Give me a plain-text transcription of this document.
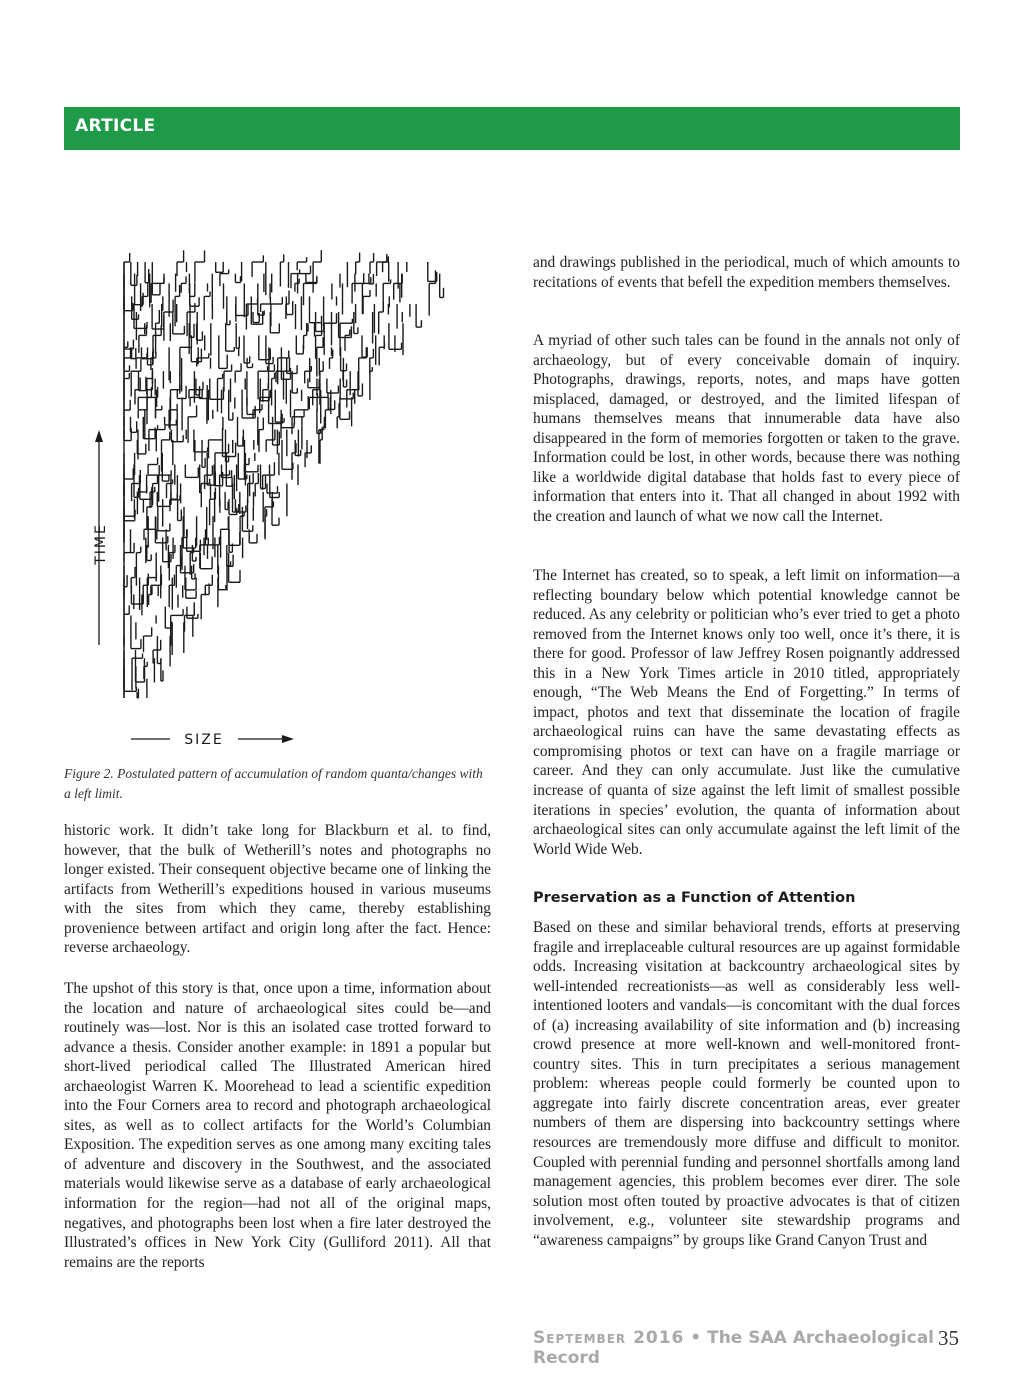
ARTICLE
TIME
SIZE
Figure 2. Postulated pattern of accumulation of random quanta/changes with a left limit.

historic work. It didn’t take long for Blackburn et al. to find, however, that the bulk of Wetherill’s notes and photographs no longer existed. Their consequent objective became one of linking the artifacts from Wetherill’s expeditions housed in various museums with the sites from which they came, thereby establishing provenience between artifact and origin long after the fact. Hence: reverse archaeology.

The upshot of this story is that, once upon a time, information about the location and nature of archaeological sites could be—and routinely was—lost. Nor is this an isolated case trotted forward to advance a thesis. Consider another example: in 1891 a popular but short-lived periodical called The Illustrated American hired archaeologist Warren K. Moorehead to lead a scientific expedition into the Four Corners area to record and photograph archaeological sites, as well as to collect artifacts for the World’s Columbian Exposition. The expedition serves as one among many exciting tales of adventure and discovery in the Southwest, and the associated materials would likewise serve as a database of early archaeological information for the region—had not all of the original maps, negatives, and photographs been lost when a fire later destroyed the Illustrated’s offices in New York City (Gulliford 2011). All that remains are the reports

and drawings published in the periodical, much of which amounts to recitations of events that befell the expedition members themselves.

A myriad of other such tales can be found in the annals not only of archaeology, but of every conceivable domain of inquiry. Photographs, drawings, reports, notes, and maps have gotten misplaced, damaged, or destroyed, and the limited lifespan of humans themselves means that innumerable data have also disappeared in the form of memories forgotten or taken to the grave. Information could be lost, in other words, because there was nothing like a worldwide digital database that holds fast to every piece of information that enters into it. That all changed in about 1992 with the creation and launch of what we now call the Internet.

The Internet has created, so to speak, a left limit on information—a reflecting boundary below which potential knowledge cannot be reduced. As any celebrity or politician who’s ever tried to get a photo removed from the Internet knows only too well, once it’s there, it is there for good. Professor of law Jeffrey Rosen poignantly addressed this in a New York Times article in 2010 titled, appropriately enough, “The Web Means the End of Forgetting.” In terms of impact, photos and text that disseminate the location of fragile archaeological ruins can have the same devastating effects as compromising photos or text can have on a fragile marriage or career. And they can only accumulate. Just like the cumulative increase of quanta of size against the left limit of smallest possible iterations in species’ evolution, the quanta of information about archaeological sites can only accumulate against the left limit of the World Wide Web.

Preservation as a Function of Attention

Based on these and similar behavioral trends, efforts at preserving fragile and irreplaceable cultural resources are up against formidable odds. Increasing visitation at backcountry archaeological sites by well-intended recreationists—as well as considerably less well-intentioned looters and vandals—is concomitant with the dual forces of (a) increasing availability of site information and (b) increasing crowd presence at more well-known and well-monitored front-country sites. This in turn precipitates a serious management problem: whereas people could formerly be counted upon to aggregate into fairly discrete concentration areas, ever greater numbers of them are dispersing into backcountry settings where resources are tremendously more diffuse and difficult to monitor. Coupled with perennial funding and personnel shortfalls among land management agencies, this problem becomes ever direr. The sole solution most often touted by proactive advocates is that of citizen involvement, e.g., volunteer site stewardship programs and “awareness campaigns” by groups like Grand Canyon Trust and

September 2016 • The SAA Archaeological Record
35
